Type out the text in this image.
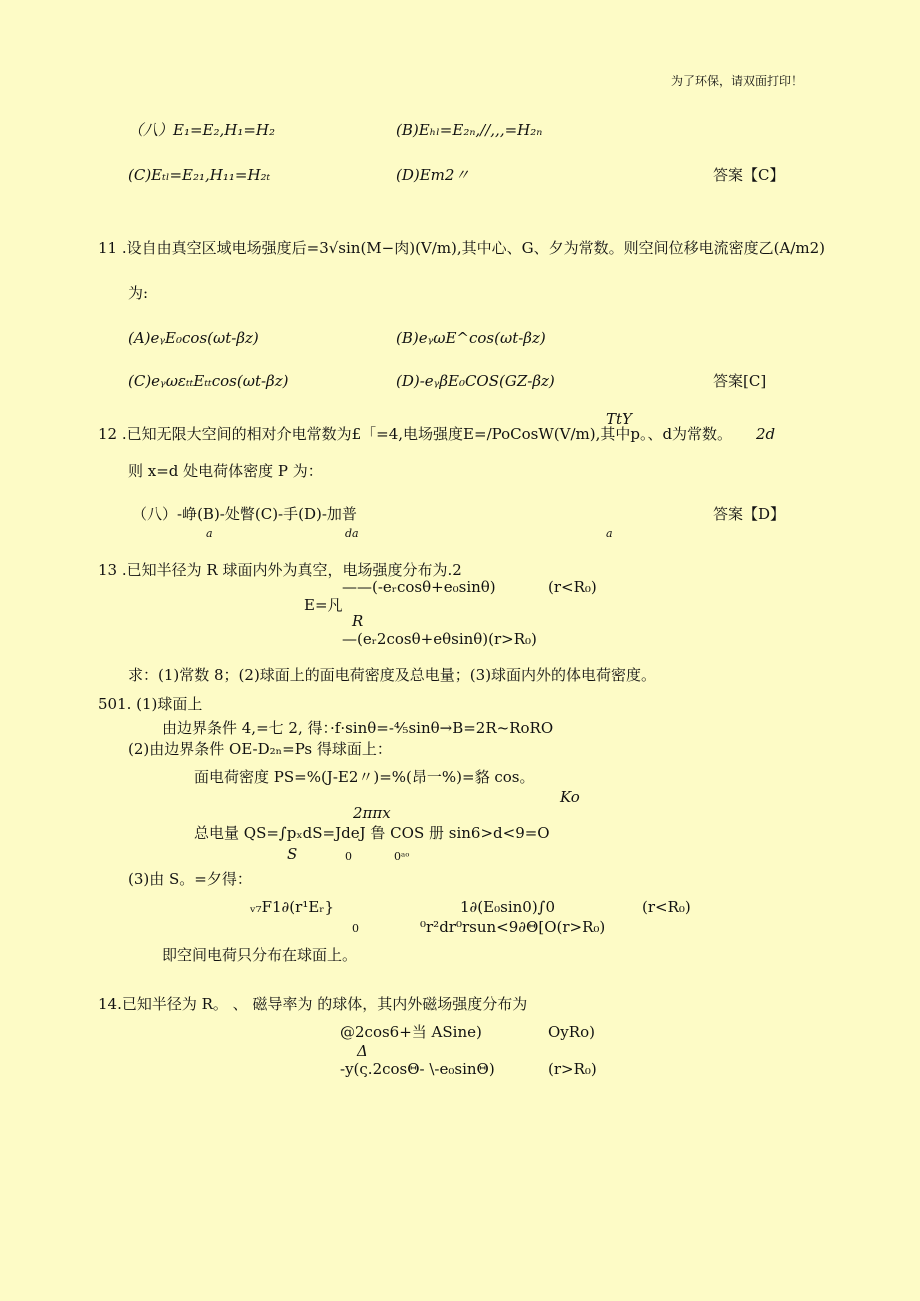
为了环保，请双面打印！
（八）E₁=E₂,H₁=H₂	(B)Eₕₗ=E₂ₙ,//,,,=H₂ₙ
(C)Eₜₗ=E₂₁,H₁₁=H₂ₜ	(D)Em2〃	答案【C】
11 .设自由真空区域电场强度后=3√sin(M−肉)(V∕m),其中心、G、夕为常数。则空间位移电流密度乙(A∕m2)
为:
(A)eᵧE₀cos(ωt-βz)	(B)eᵧωE^cos(ωt-βz)
(C)eᵧωεₜₜEₜₜcos(ωt-βz)	(D)-eᵧβE₀COS(GZ-βz)	答案[C]
TtY
12 .已知无限大空间的相对介电常数为£「=4,电场强度E=/PoCosW(V∕m),其中p。、d为常数。 2d
则 x=d 处电荷体密度 P 为：
（八）-峥(B)-处瞥(C)-手(D)-加普
a	da	a
答案【D】
13 .已知半径为 R 球面内外为真空，电场强度分布为.2
——(-eᵣcosθ+e₀sinθ)	(r<R₀)
E=凡
R
—(eᵣ2cosθ+eθsinθ)(r>R₀)
求：(1)常数 8；(2)球面上的面电荷密度及总电量；(3)球面内外的体电荷密度。
501. (1)球面上
由边界条件 4,=七 2, 得：·f·sinθ=-⅘sinθ→B=2R~RoRO
(2)由边界条件 OE-D₂ₙ=Ps 得球面上：
面电荷密度 PS=%(J-E2〃)=%(昂一%)=貉 cos。
Ko
2ππx
总电量 QS=∫pₓdS=JdeJ 鲁 COS 册 sin6>d<9=O
S	0	0ᵃᵒ
(3)由 S。=夕得：
ᵥ₇F1∂(r¹Eᵣ}	1∂(E₀sin0)∫0	(r<R₀)
0	⁰r²dr⁰rsun<9∂Θ[O(r>R₀)
即空间电荷只分布在球面上。
14.已知半径为 R。 、 磁导率为 的球体，其内外磁场强度分布为
@2cos6+当 ASine)	OyRo)
Δ
-y(ς.2cosΘ- \-e₀sinΘ)	(r>R₀)
